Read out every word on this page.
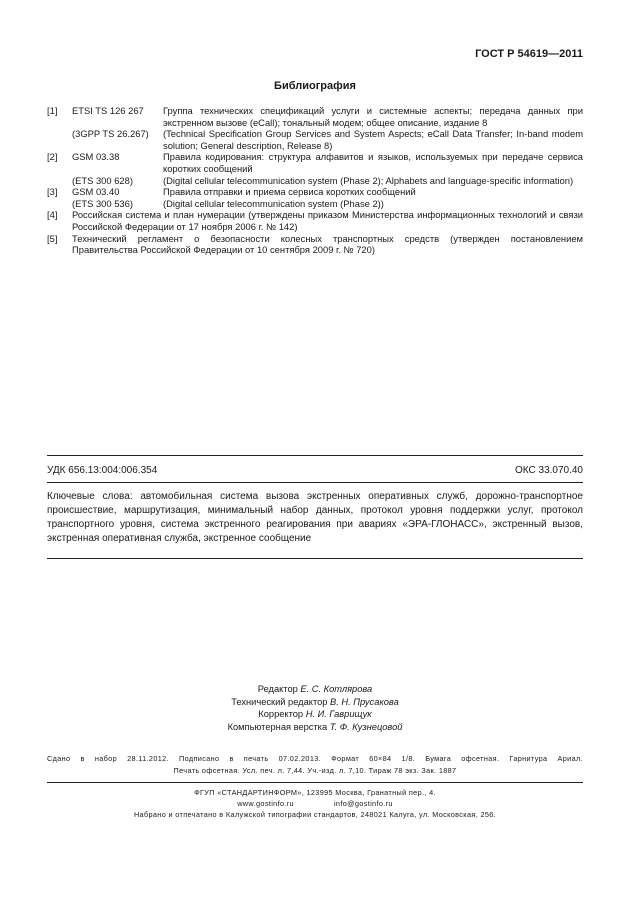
ГОСТ Р 54619—2011
Библиография
[1]	ETSI TS 126 267	Группа технических спецификаций услуги и системные аспекты; передача данных при экстренном вызове (eCall); тональный модем; общее описание, издание 8
(3GPP TS 26.267)	(Technical Specification Group Services and System Aspects; eCall Data Transfer; In-band modem solution; General description, Release 8)
[2]	GSM 03.38	Правила кодирования: структура алфавитов и языков, используемых при передаче сервиса коротких сообщений
(ETS 300 628)	(Digital cellular telecommunication system (Phase 2); Alphabets and language-specific information)
[3]	GSM 03.40	Правила отправки и приема сервиса коротких сообщений
(ETS 300 536)	(Digital cellular telecommunication system (Phase 2))
[4]	Российская система и план нумерации (утверждены приказом Министерства информационных технологий и связи Российской Федерации от 17 ноября 2006 г. № 142)
[5]	Технический регламент о безопасности колесных транспортных средств (утвержден постановлением Правительства Российской Федерации от 10 сентября 2009 г. № 720)
УДК 656.13:004:006.354	ОКС 33.070.40
Ключевые слова: автомобильная система вызова экстренных оперативных служб, дорожно-транспортное происшествие, маршрутизация, минимальный набор данных, протокол уровня поддержки услуг, протокол транспортного уровня, система экстренного реагирования при авариях «ЭРА-ГЛОНАСС», экстренный вызов, экстренная оперативная служба, экстренное сообщение
Редактор Е. С. Котлярова
Технический редактор В. Н. Прусакова
Корректор Н. И. Гаврищук
Компьютерная верстка Т. Ф. Кузнецовой
Сдано в набор 28.11.2012. Подписано в печать 07.02.2013. Формат 60×84 1/8. Бумага офсетная. Гарнитура Ариал.
Печать офсетная. Усл. печ. л. 7,44. Уч.-изд. л. 7,10. Тираж 78 экз. Зак. 1887
ФГУП «СТАНДАРТИНФОРМ», 123995 Москва, Гранатный пер., 4.
www.gostinfo.ru	info@gostinfo.ru
Набрано и отпечатано в Калужской типографии стандартов, 248021 Калуга, ул. Московская, 256.
